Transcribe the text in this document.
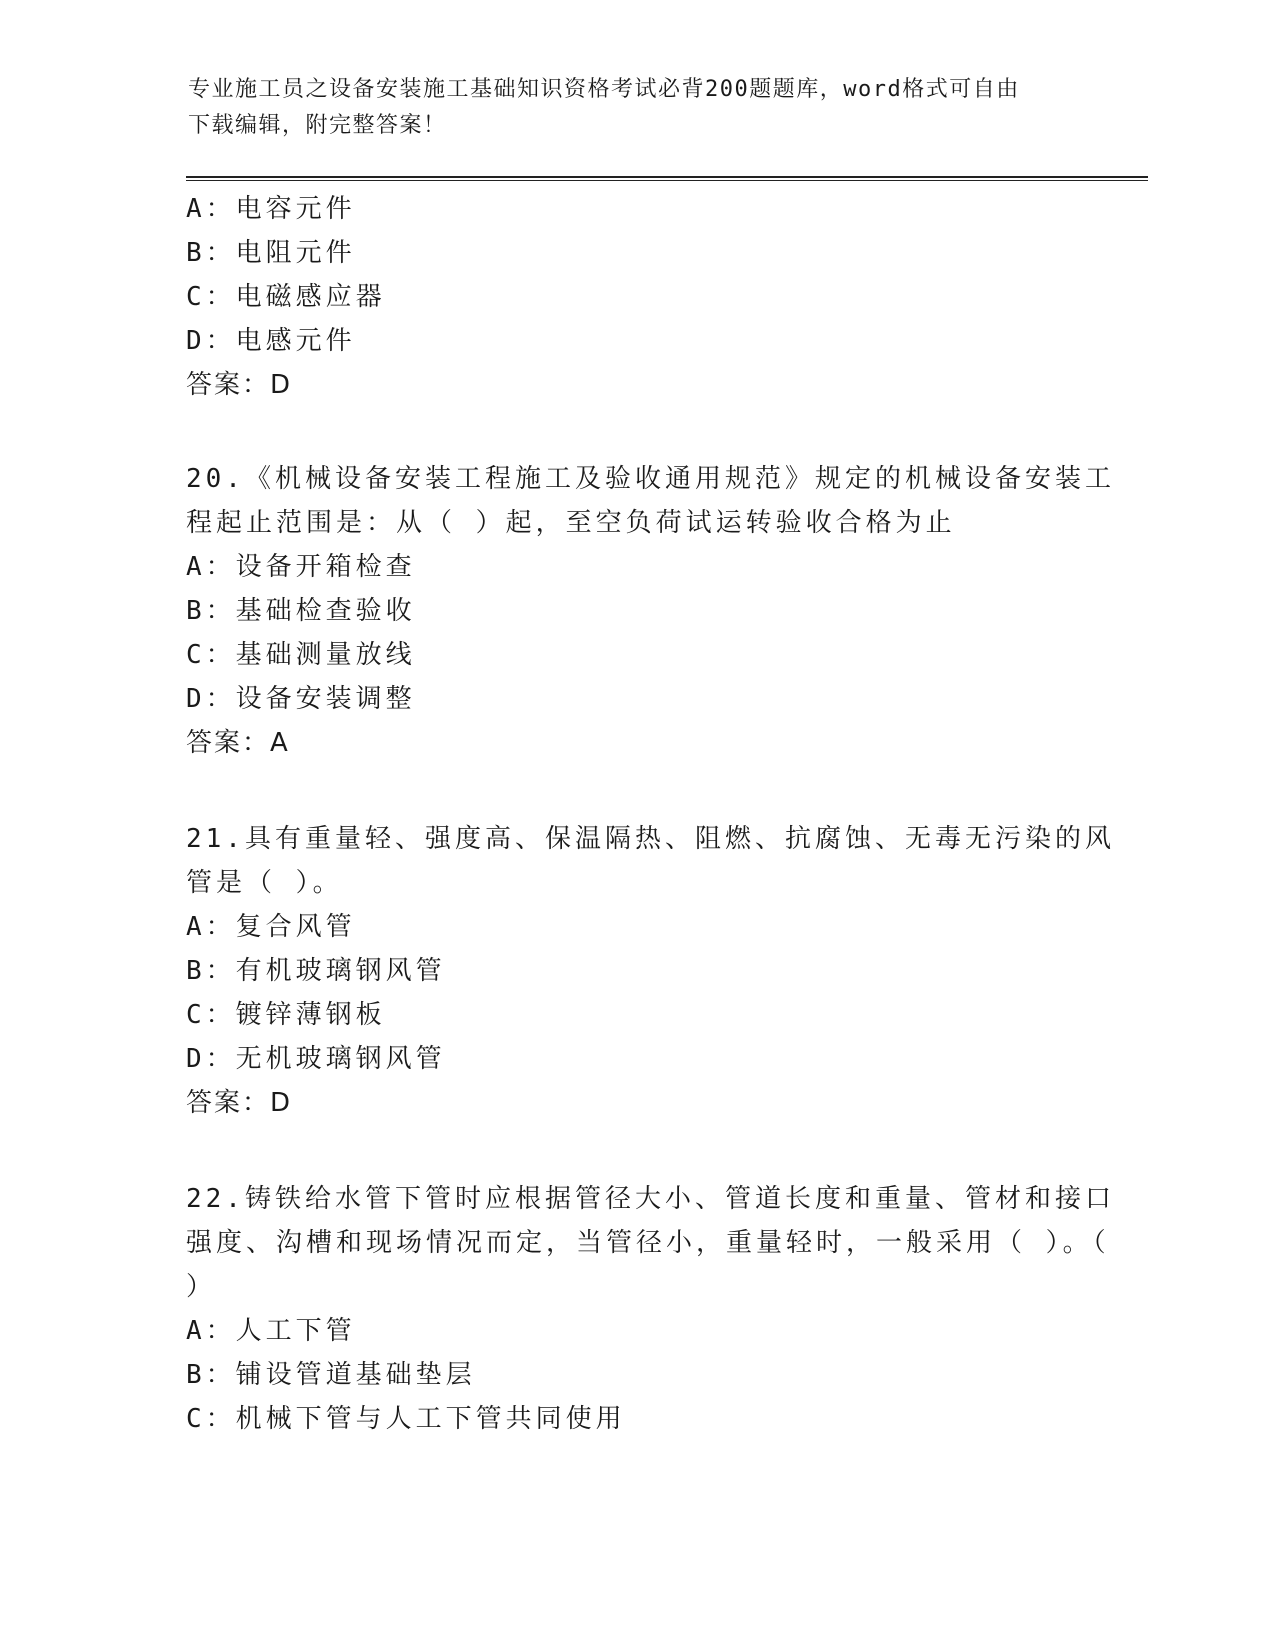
专业施工员之设备安装施工基础知识资格考试必背200题题库，word格式可自由
下载编辑，附完整答案！
A：电容元件
B：电阻元件
C：电磁感应器
D：电感元件
答案：D
20.《机械设备安装工程施工及验收通用规范》规定的机械设备安装工
程起止范围是：从（ ）起，至空负荷试运转验收合格为止
A：设备开箱检查
B：基础检查验收
C：基础测量放线
D：设备安装调整
答案：A
21.具有重量轻、强度高、保温隔热、阻燃、抗腐蚀、无毒无污染的风
管是（ ）。
A：复合风管
B：有机玻璃钢风管
C：镀锌薄钢板
D：无机玻璃钢风管
答案：D
22.铸铁给水管下管时应根据管径大小、管道长度和重量、管材和接口
强度、沟槽和现场情况而定，当管径小，重量轻时，一般采用（ ）。（
）
A：人工下管
B：铺设管道基础垫层
C：机械下管与人工下管共同使用
